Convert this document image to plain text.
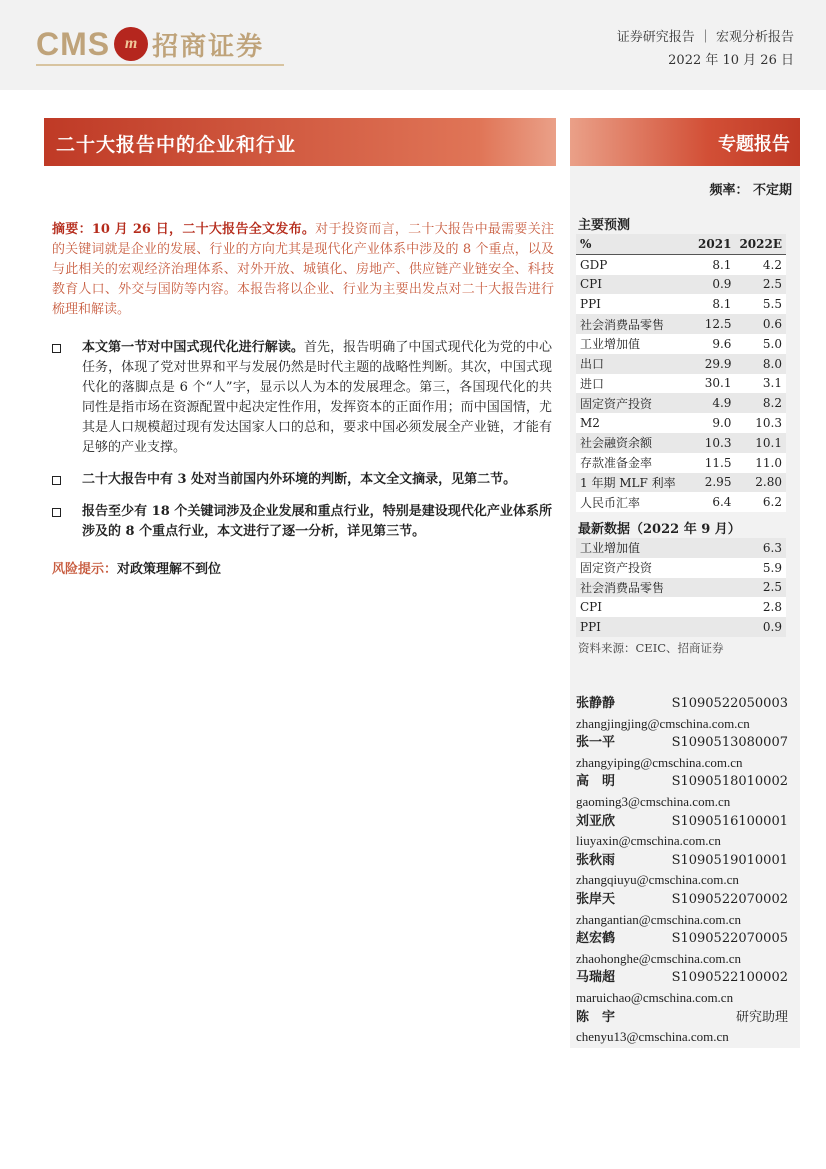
CMS m 招商证券	证券研究报告 ｜ 宏观分析报告
2022 年 10 月 26 日
二十大报告中的企业和行业	专题报告
频率： 不定期
摘要：10 月 26 日，二十大报告全文发布。对于投资而言，二十大报告中最需要关注的关键词就是企业的发展、行业的方向尤其是现代化产业体系中涉及的 8 个重点，以及与此相关的宏观经济治理体系、对外开放、城镇化、房地产、供应链产业链安全、科技教育人口、外交与国防等内容。本报告将以企业、行业为主要出发点对二十大报告进行梳理和解读。
本文第一节对中国式现代化进行解读。首先，报告明确了中国式现代化为党的中心任务，体现了党对世界和平与发展仍然是时代主题的战略性判断。其次，中国式现代化的落脚点是 6 个“人”字，显示以人为本的发展理念。第三，各国现代化的共同性是指市场在资源配置中起决定性作用，发挥资本的正面作用；而中国国情，尤其是人口规模超过现有发达国家人口的总和，要求中国必须发展全产业链，才能有足够的产业支撑。
二十大报告中有 3 处对当前国内外环境的判断，本文全文摘录，见第二节。
报告至少有 18 个关键词涉及企业发展和重点行业，特别是建设现代化产业体系所涉及的 8 个重点行业，本文进行了逐一分析，详见第三节。
风险提示：对政策理解不到位
主要预测
%	2021	2022E
GDP	8.1	4.2
CPI	0.9	2.5
PPI	8.1	5.5
社会消费品零售	12.5	0.6
工业增加值	9.6	5.0
出口	29.9	8.0
进口	30.1	3.1
固定资产投资	4.9	8.2
M2	9.0	10.3
社会融资余额	10.3	10.1
存款准备金率	11.5	11.0
1 年期 MLF 利率	2.95	2.80
人民币汇率	6.4	6.2
最新数据（2022 年 9 月）
工业增加值	6.3
固定资产投资	5.9
社会消费品零售	2.5
CPI	2.8
PPI	0.9
资料来源：CEIC、招商证券
张静静	S1090522050003
zhangjingjing@cmschina.com.cn
张一平	S1090513080007
zhangyiping@cmschina.com.cn
高　明	S1090518010002
gaoming3@cmschina.com.cn
刘亚欣	S1090516100001
liuyaxin@cmschina.com.cn
张秋雨	S1090519010001
zhangqiuyu@cmschina.com.cn
张岸天	S1090522070002
zhangantian@cmschina.com.cn
赵宏鹤	S1090522070005
zhaohonghe@cmschina.com.cn
马瑞超	S1090522100002
maruichao@cmschina.com.cn
陈　宇	研究助理
chenyu13@cmschina.com.cn
